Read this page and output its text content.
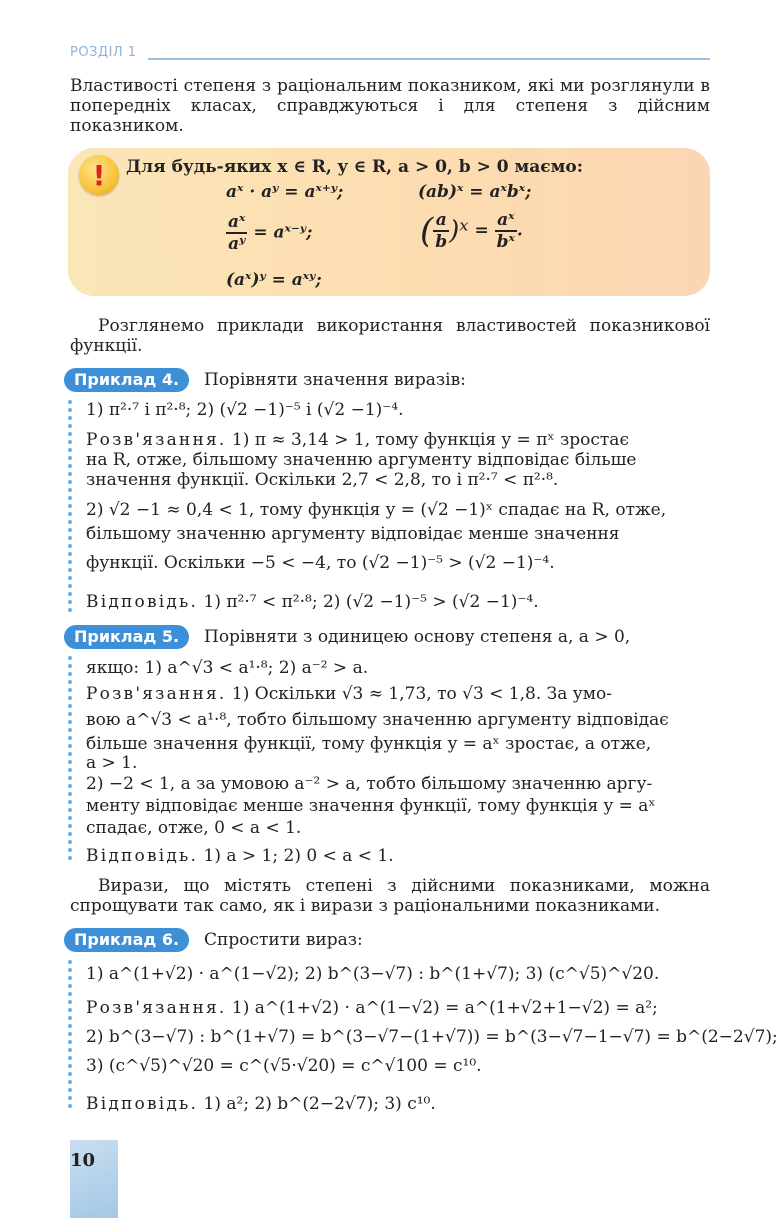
РОЗДІЛ 1
Властивості степеня з раціональним показником, які ми розглянули в попередніх класах, справджуються і для степеня з дійсним показником.
!	Для будь-яких x ∈ R, y ∈ R, a > 0, b > 0 маємо:
aˣ · aʸ = aˣ⁺ʸ;	(ab)ˣ = aˣbˣ;
$\frac{\text{aˣ}}{\text{aʸ}}$ = aˣ⁻ʸ;	( $\frac{a}{b}$ )ˣ = $\frac{\text{aˣ}}{\text{bˣ}}$ .
(aˣ)ʸ = aˣʸ;
Розглянемо приклади використання властивостей показникової функції.
Приклад 4.	Порівняти значення виразів:
1) π²·⁷ і π²·⁸; 2) (√2 −1)⁻⁵ і (√2 −1)⁻⁴.
Розв'язання. 1) π ≈ 3,14 > 1, тому функція y = πˣ зростає
на R, отже, більшому значенню аргументу відповідає більше
значення функції. Оскільки 2,7 < 2,8, то і π²·⁷ < π²·⁸.
2) √2 −1 ≈ 0,4 < 1, тому функція y = (√2 −1)ˣ спадає на R, отже,
більшому значенню аргументу відповідає менше значення
функції. Оскільки −5 < −4, то (√2 −1)⁻⁵ > (√2 −1)⁻⁴.
Відповідь. 1) π²·⁷ < π²·⁸; 2) (√2 −1)⁻⁵ > (√2 −1)⁻⁴.
Приклад 5.	Порівняти з одиницею основу степеня a, a > 0,
якщо: 1) a^√3 < a¹·⁸; 2) a⁻² > a.
Розв'язання. 1) Оскільки √3 ≈ 1,73, то √3 < 1,8. За умо-
вою a^√3 < a¹·⁸, тобто більшому значенню аргументу відповідає
більше значення функції, тому функція y = aˣ зростає, а отже,
a > 1.
2) −2 < 1, а за умовою a⁻² > a, тобто більшому значенню аргу-
менту відповідає менше значення функції, тому функція y = aˣ
спадає, отже, 0 < a < 1.
Відповідь. 1) a > 1; 2) 0 < a < 1.
Вирази, що містять степені з дійсними показниками, можна спрощувати так само, як і вирази з раціональними показниками.
Приклад 6.	Спростити вираз:
1) a^(1+√2) · a^(1−√2); 2) b^(3−√7) : b^(1+√7); 3) (c^√5)^√20.
Розв'язання. 1) a^(1+√2) · a^(1−√2) = a^(1+√2+1−√2) = a²;
2) b^(3−√7) : b^(1+√7) = b^(3−√7−(1+√7)) = b^(3−√7−1−√7) = b^(2−2√7);
3) (c^√5)^√20 = c^(√5·√20) = c^√100 = c¹⁰.
Відповідь. 1) a²; 2) b^(2−2√7); 3) c¹⁰.
10
